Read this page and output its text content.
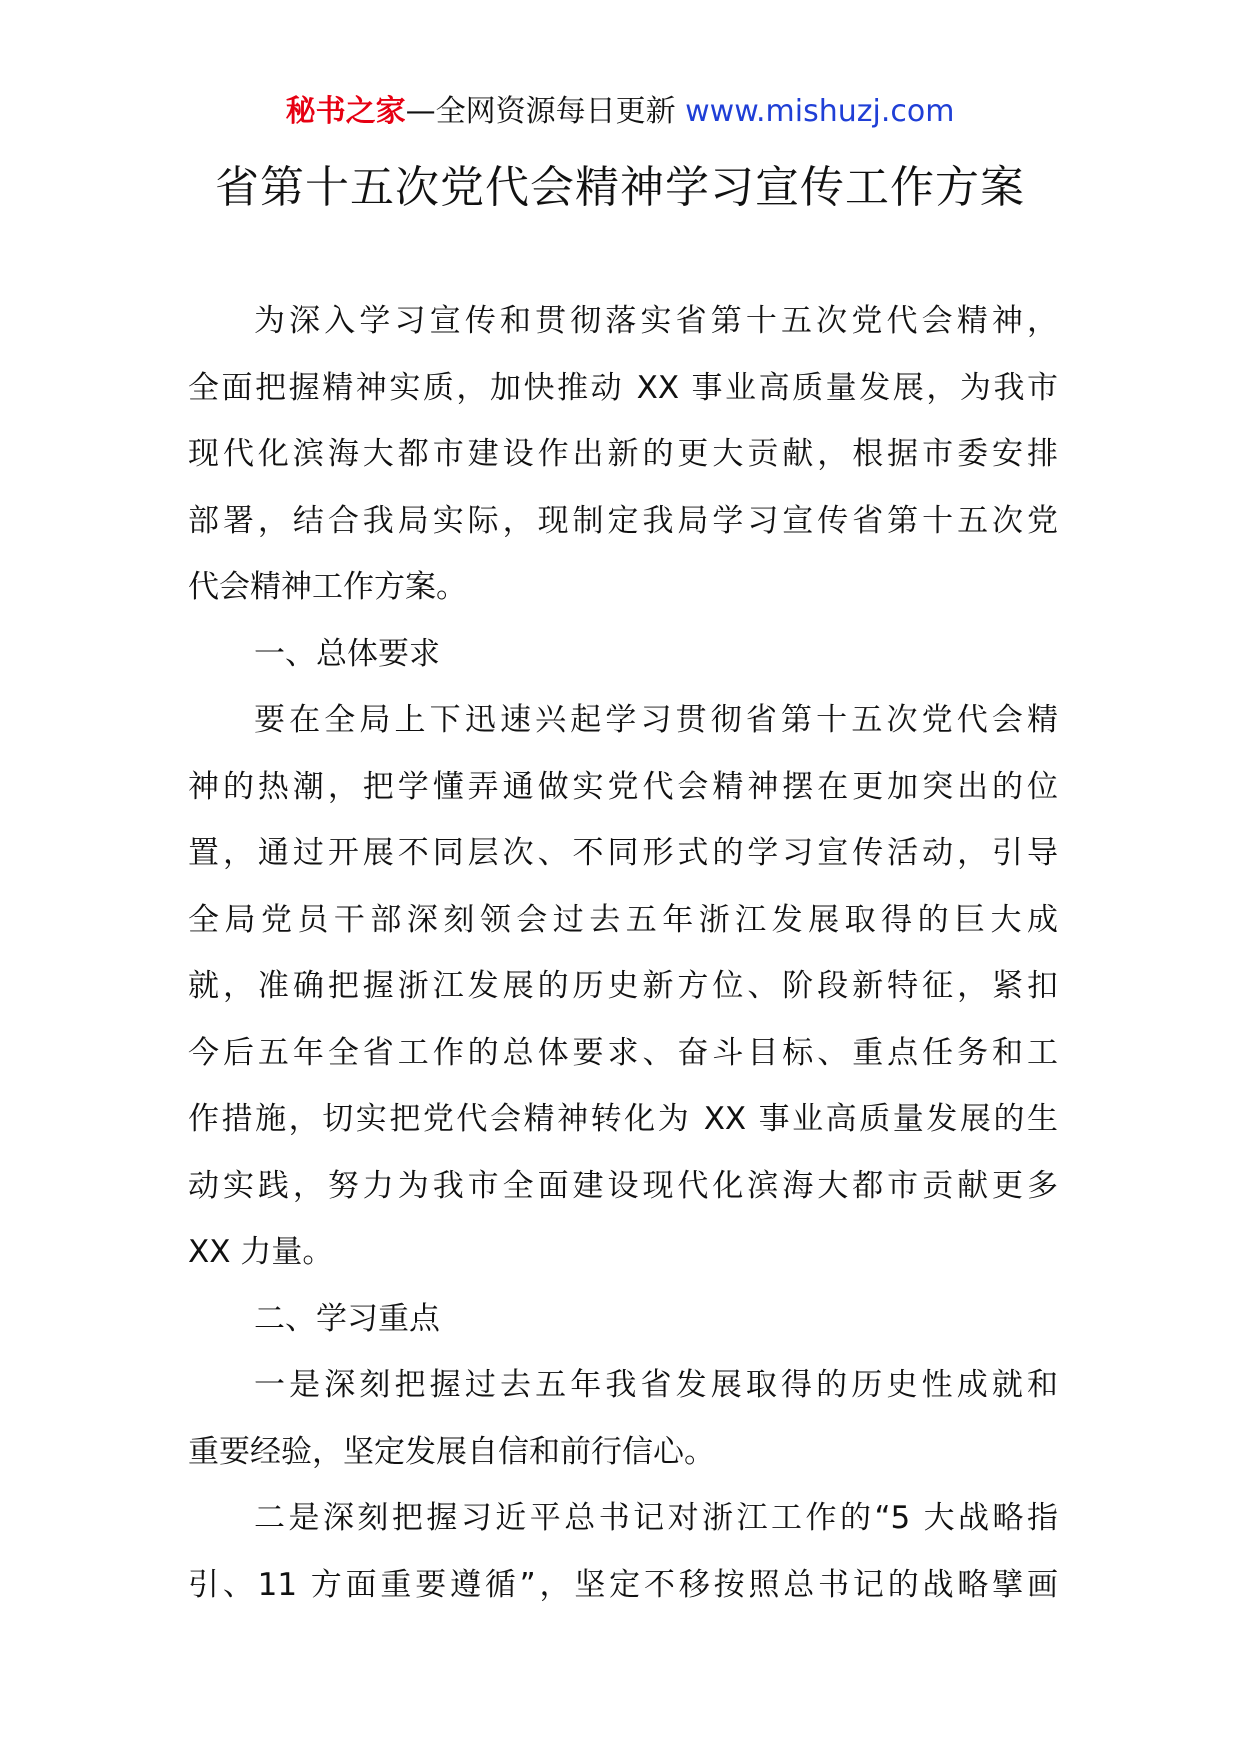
秘书之家—全网资源每日更新 www.mishuzj.com
省第十五次党代会精神学习宣传工作方案
为深入学习宣传和贯彻落实省第十五次党代会精神，
全面把握精神实质，加快推动 XX 事业高质量发展，为我市
现代化滨海大都市建设作出新的更大贡献，根据市委安排
部署，结合我局实际，现制定我局学习宣传省第十五次党
代会精神工作方案。
一、总体要求
要在全局上下迅速兴起学习贯彻省第十五次党代会精
神的热潮，把学懂弄通做实党代会精神摆在更加突出的位
置，通过开展不同层次、不同形式的学习宣传活动，引导
全局党员干部深刻领会过去五年浙江发展取得的巨大成
就，准确把握浙江发展的历史新方位、阶段新特征，紧扣
今后五年全省工作的总体要求、奋斗目标、重点任务和工
作措施，切实把党代会精神转化为 XX 事业高质量发展的生
动实践，努力为我市全面建设现代化滨海大都市贡献更多
XX 力量。
二、学习重点
一是深刻把握过去五年我省发展取得的历史性成就和
重要经验，坚定发展自信和前行信心。
二是深刻把握习近平总书记对浙江工作的“5 大战略指
引、11 方面重要遵循”，坚定不移按照总书记的战略擘画
